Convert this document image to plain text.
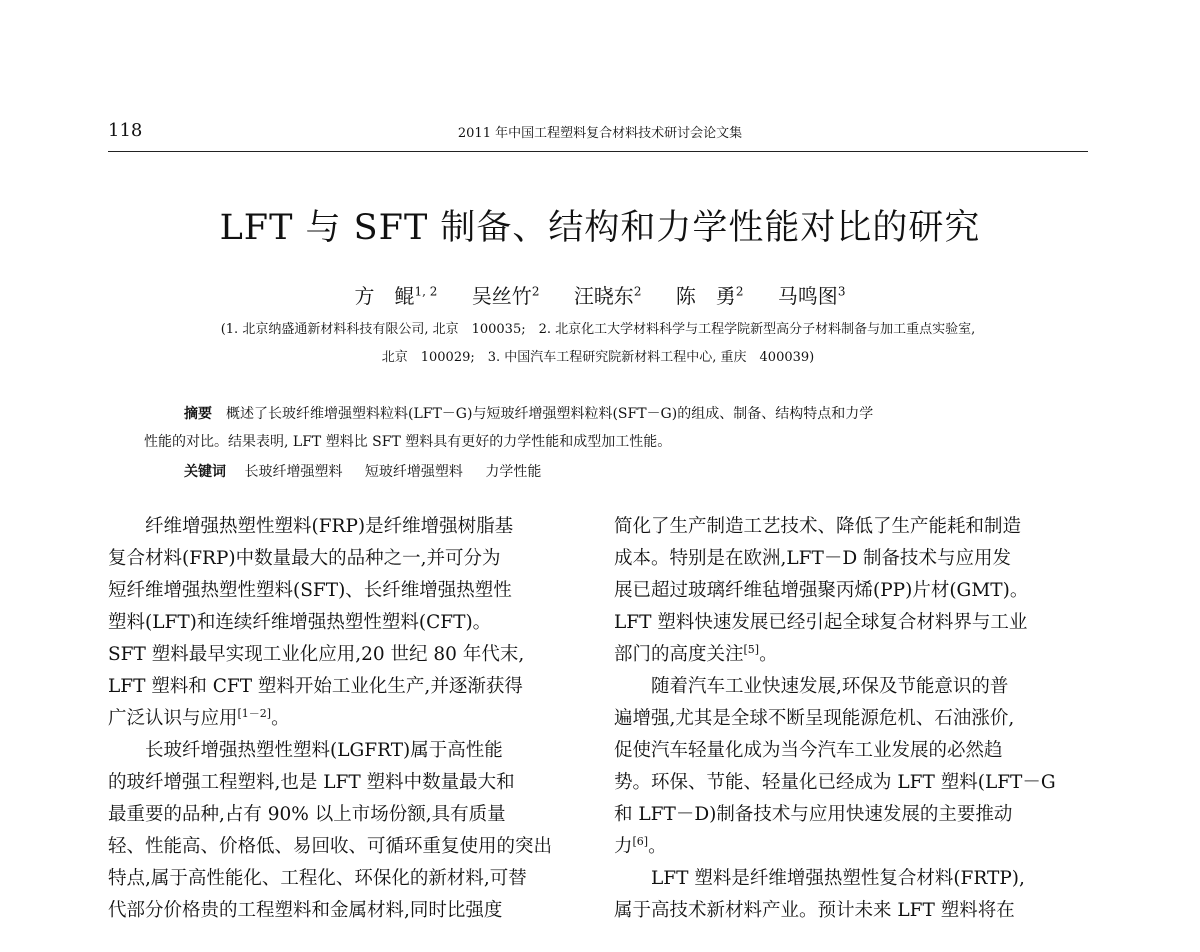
118	2011 年中国工程塑料复合材料技术研讨会论文集
LFT 与 SFT 制备、结构和力学性能对比的研究
方　鲲$^{1, 2}$ 吴丝竹$^2$ 汪晓东$^2$ 陈　勇$^2$ 马鸣图$^3$
(1. 北京纳盛通新材料科技有限公司, 北京　100035;　2. 北京化工大学材料科学与工程学院新型高分子材料制备与加工重点实验室,
北京　100029;　3. 中国汽车工程研究院新材料工程中心, 重庆　400039)
摘要 概述了长玻纤维增强塑料粒料(LFT－G)与短玻纤增强塑料粒料(SFT－G)的组成、制备、结构特点和力学
性能的对比。结果表明, LFT 塑料比 SFT 塑料具有更好的力学性能和成型加工性能。
关键词 长玻纤增强塑料 短玻纤增强塑料 力学性能
　　纤维增强热塑性塑料(FRP)是纤维增强树脂基
复合材料(FRP)中数量最大的品种之一,并可分为
短纤维增强热塑性塑料(SFT)、长纤维增强热塑性
塑料(LFT)和连续纤维增强热塑性塑料(CFT)。
SFT 塑料最早实现工业化应用,20 世纪 80 年代末,
LFT 塑料和 CFT 塑料开始工业化生产,并逐渐获得
广泛认识与应用[1－2]。
　　长玻纤增强热塑性塑料(LGFRT)属于高性能
的玻纤增强工程塑料,也是 LFT 塑料中数量最大和
最重要的品种,占有 90% 以上市场份额,具有质量
轻、性能高、价格低、易回收、可循环重复使用的突出
特点,属于高性能化、工程化、环保化的新材料,可替
代部分价格贵的工程塑料和金属材料,同时比强度
简化了生产制造工艺技术、降低了生产能耗和制造
成本。特别是在欧洲,LFT－D 制备技术与应用发
展已超过玻璃纤维毡增强聚丙烯(PP)片材(GMT)。
LFT 塑料快速发展已经引起全球复合材料界与工业
部门的高度关注[5]。
　　随着汽车工业快速发展,环保及节能意识的普
遍增强,尤其是全球不断呈现能源危机、石油涨价,
促使汽车轻量化成为当今汽车工业发展的必然趋
势。环保、节能、轻量化已经成为 LFT 塑料(LFT－G
和 LFT－D)制备技术与应用快速发展的主要推动
力[6]。
　　LFT 塑料是纤维增强热塑性复合材料(FRTP),
属于高技术新材料产业。预计未来 LFT 塑料将在
